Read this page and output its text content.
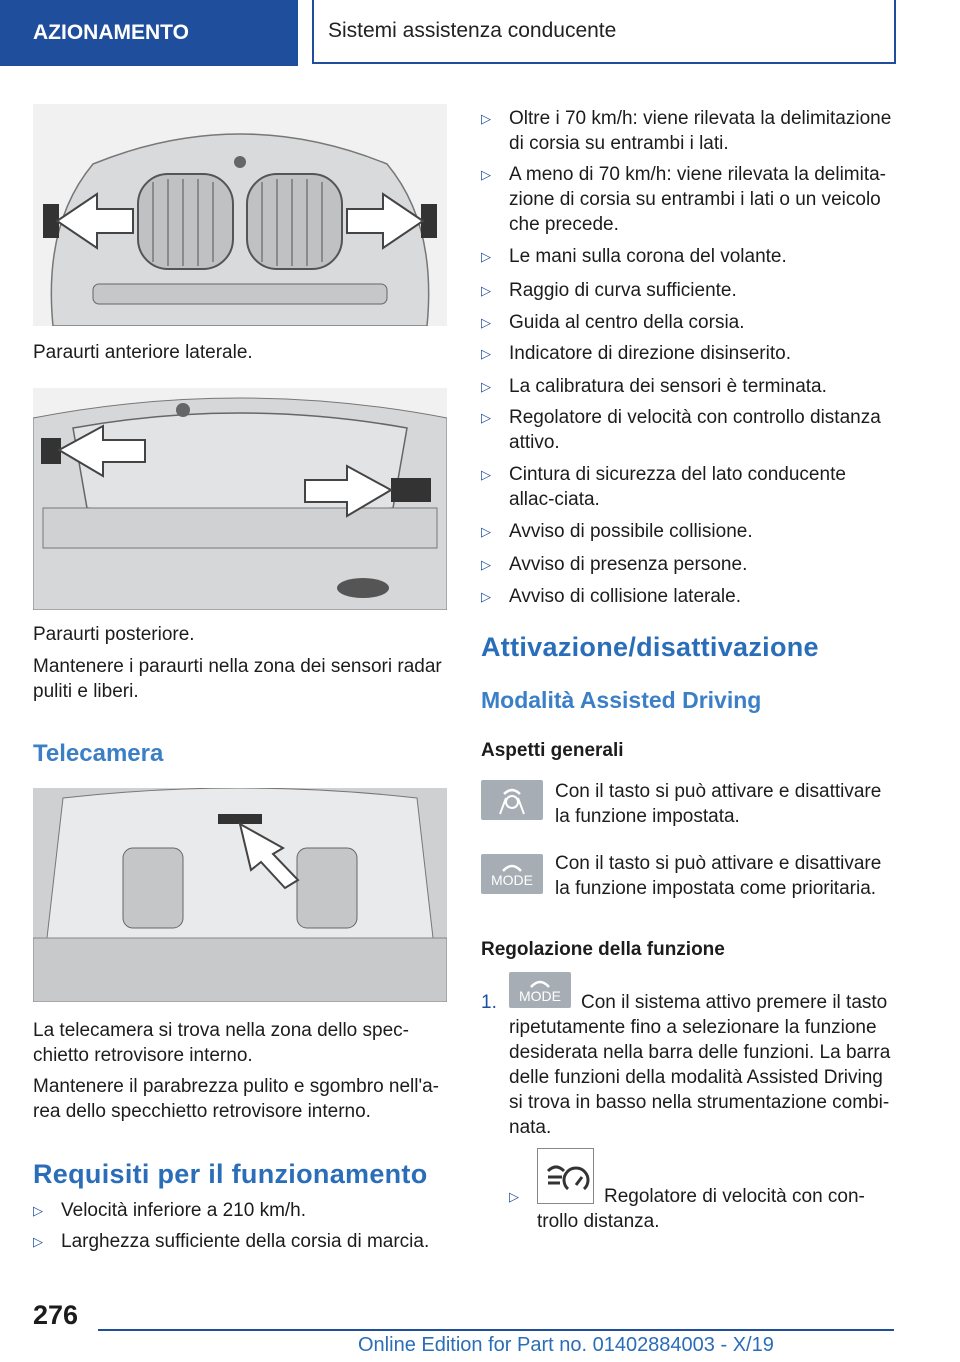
AZIONAMENTO	Sistemi assistenza conducente
Paraurti anteriore laterale.
Paraurti posteriore.
Mantenere i paraurti nella zona dei sensori radar puliti e liberi.
Telecamera
La telecamera si trova nella zona dello spec-chietto retrovisore interno.
Mantenere il parabrezza pulito e sgombro nell'a-rea dello specchietto retrovisore interno.
Requisiti per il funzionamento
▷ Velocità inferiore a 210 km/h.
▷ Larghezza sufficiente della corsia di marcia.
▷ Oltre i 70 km/h: viene rilevata la delimitazione di corsia su entrambi i lati.
▷ A meno di 70 km/h: viene rilevata la delimita-zione di corsia su entrambi i lati o un veicolo che precede.
▷ Le mani sulla corona del volante.
▷ Raggio di curva sufficiente.
▷ Guida al centro della corsia.
▷ Indicatore di direzione disinserito.
▷ La calibratura dei sensori è terminata.
▷ Regolatore di velocità con controllo distanza attivo.
▷ Cintura di sicurezza del lato conducente allac-ciata.
▷ Avviso di possibile collisione.
▷ Avviso di presenza persone.
▷ Avviso di collisione laterale.
Attivazione/disattivazione
Modalità Assisted Driving
Aspetti generali
Con il tasto si può attivare e disattivare la funzione impostata.
MODE
Con il tasto si può attivare e disattivare la funzione impostata come prioritaria.
Regolazione della funzione
1. MODE	Con il sistema attivo premere il tasto ripetutamente fino a selezionare la funzione desiderata nella barra delle funzioni. La barra delle funzioni della modalità Assisted Driving si trova in basso nella strumentazione combi-nata.
▷	Regolatore di velocità con con-trollo distanza.
276
Online Edition for Part no. 01402884003 - X/19
